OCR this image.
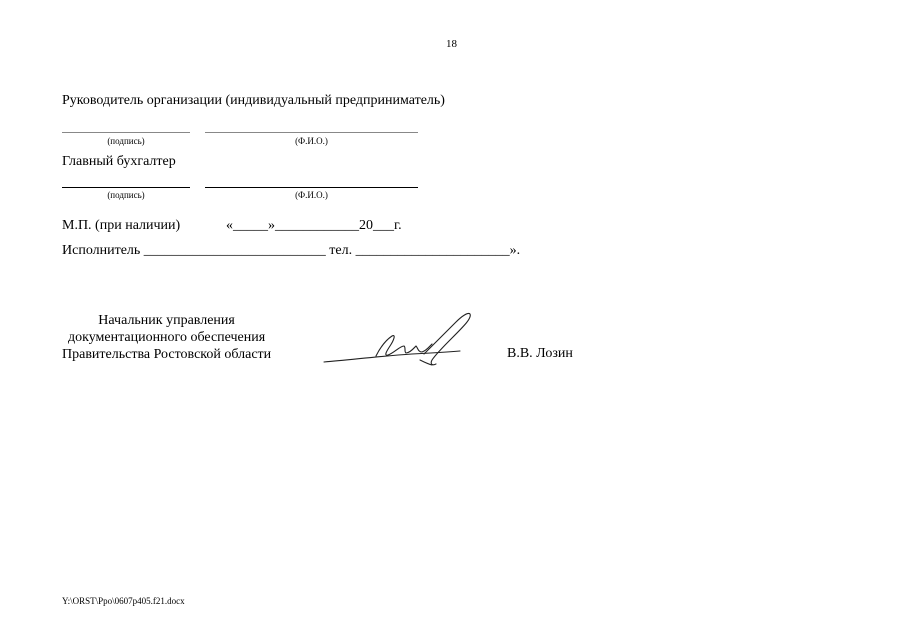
18
Руководитель организации (индивидуальный предприниматель)
(подпись)	(Ф.И.О.)
Главный бухгалтер
(подпись)	(Ф.И.О.)
М.П. (при наличии)	«_____»____________20___г.
Исполнитель __________________________ тел. ______________________».
Начальник управления
документационного обеспечения
Правительства Ростовской области	В.В. Лозин
Y:\ORST\Ppo\0607p405.f21.docx
